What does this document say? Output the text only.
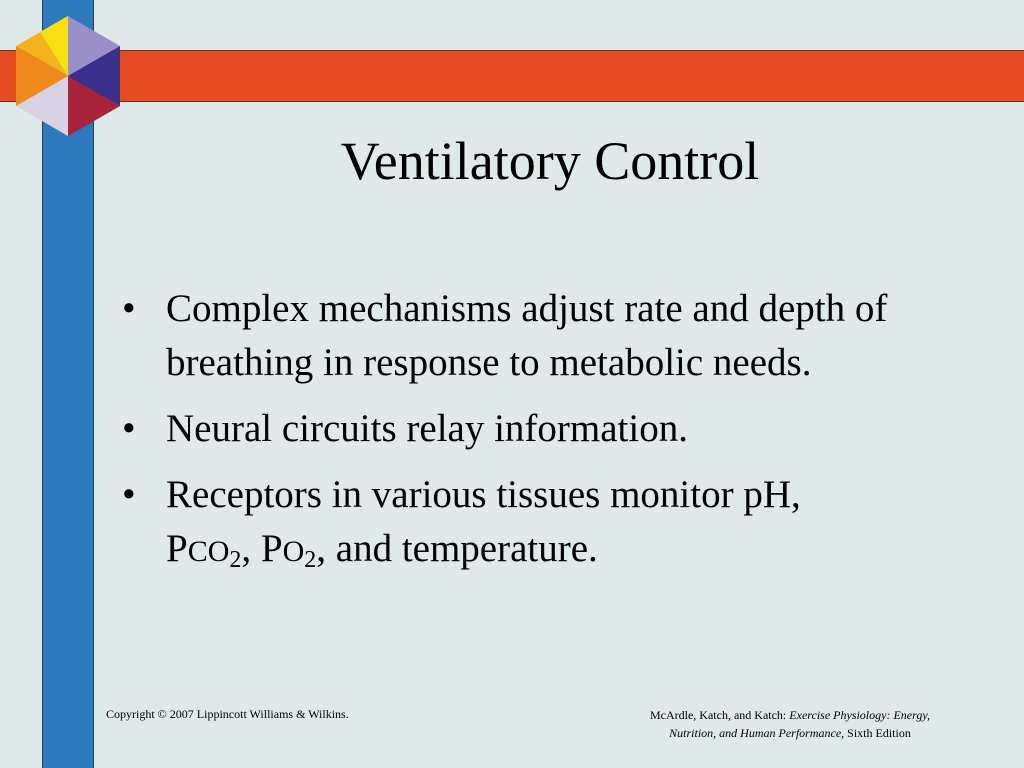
Ventilatory Control
• Complex mechanisms adjust rate and depth of breathing in response to metabolic needs.
• Neural circuits relay information.
• Receptors in various tissues monitor pH,
$PCO_2$, $PO_2$, and temperature.
Copyright © 2007 Lippincott Williams & Wilkins.	McArdle, Katch, and Katch: Exercise Physiology: Energy,
Nutrition, and Human Performance, Sixth Edition
